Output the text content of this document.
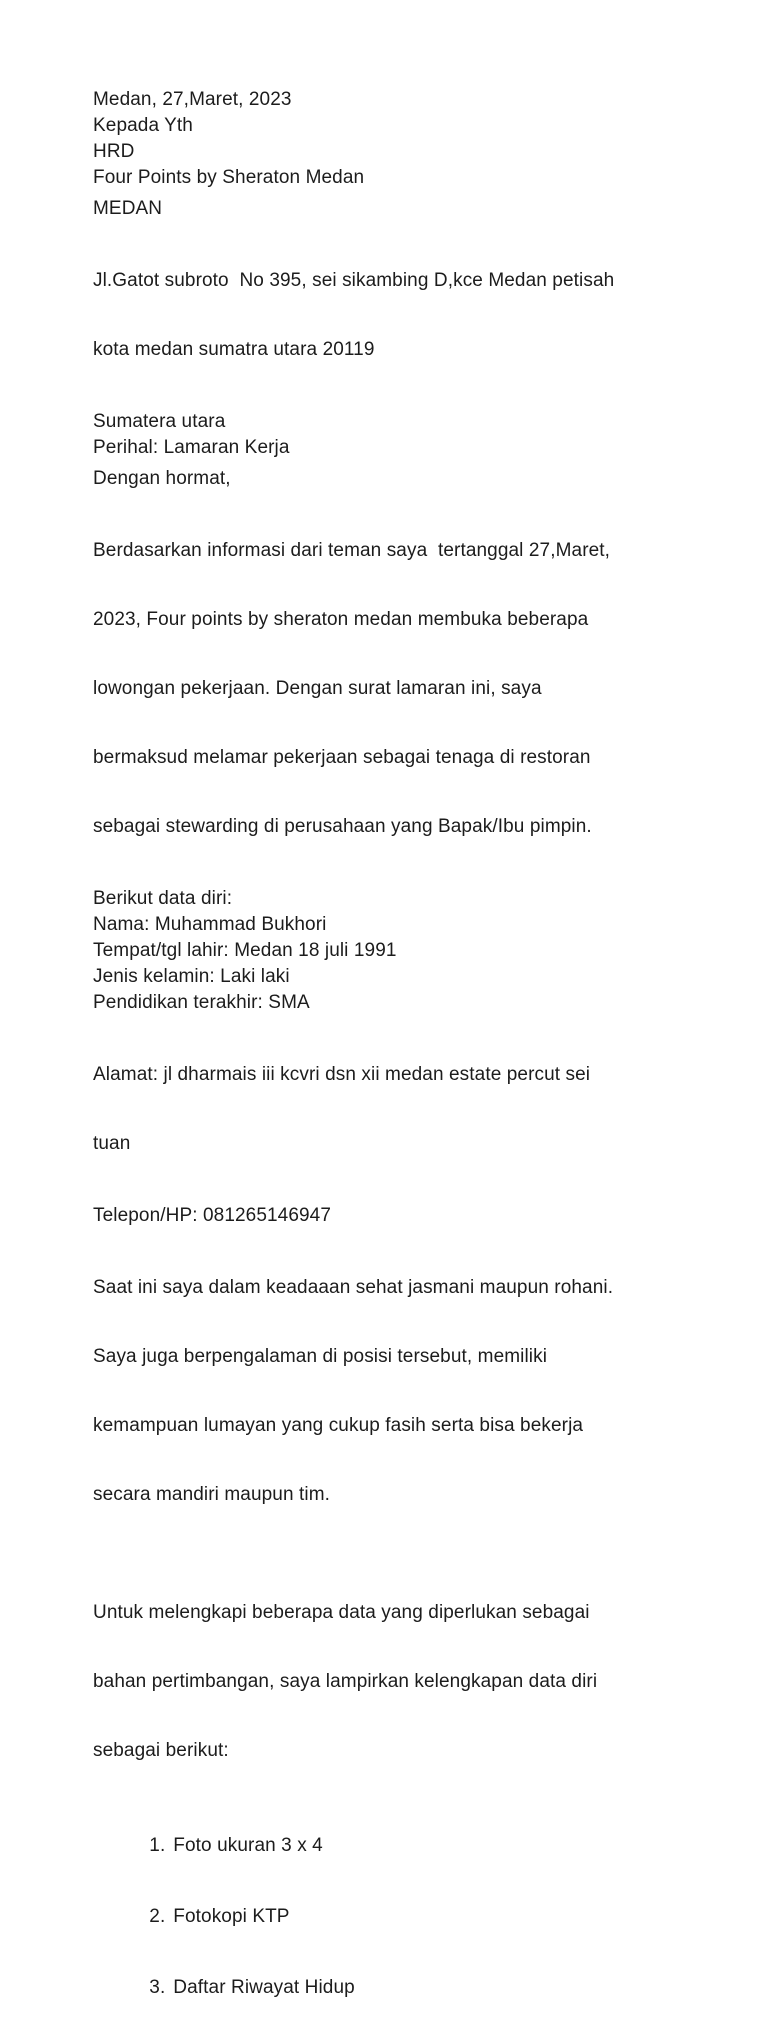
Medan, 27,Maret, 2023
Kepada Yth
HRD
Four Points by Sheraton Medan
MEDAN

Jl.Gatot subroto  No 395, sei sikambing D,kce Medan petisah

kota medan sumatra utara 20119

Sumatera utara
Perihal: Lamaran Kerja
Dengan hormat,

Berdasarkan informasi dari teman saya  tertanggal 27,Maret,

2023, Four points by sheraton medan membuka beberapa

lowongan pekerjaan. Dengan surat lamaran ini, saya

bermaksud melamar pekerjaan sebagai tenaga di restoran

sebagai stewarding di perusahaan yang Bapak/Ibu pimpin.

Berikut data diri:
Nama: Muhammad Bukhori
Tempat/tgl lahir: Medan 18 juli 1991
Jenis kelamin: Laki laki
Pendidikan terakhir: SMA

Alamat: jl dharmais iii kcvri dsn xii medan estate percut sei

tuan

Telepon/HP: 081265146947

Saat ini saya dalam keadaaan sehat jasmani maupun rohani.

Saya juga berpengalaman di posisi tersebut, memiliki

kemampuan lumayan yang cukup fasih serta bisa bekerja

secara mandiri maupun tim.

Untuk melengkapi beberapa data yang diperlukan sebagai

bahan pertimbangan, saya lampirkan kelengkapan data diri

sebagai berikut:

1. Foto ukuran 3 x 4

2. Fotokopi KTP

3. Daftar Riwayat Hidup
